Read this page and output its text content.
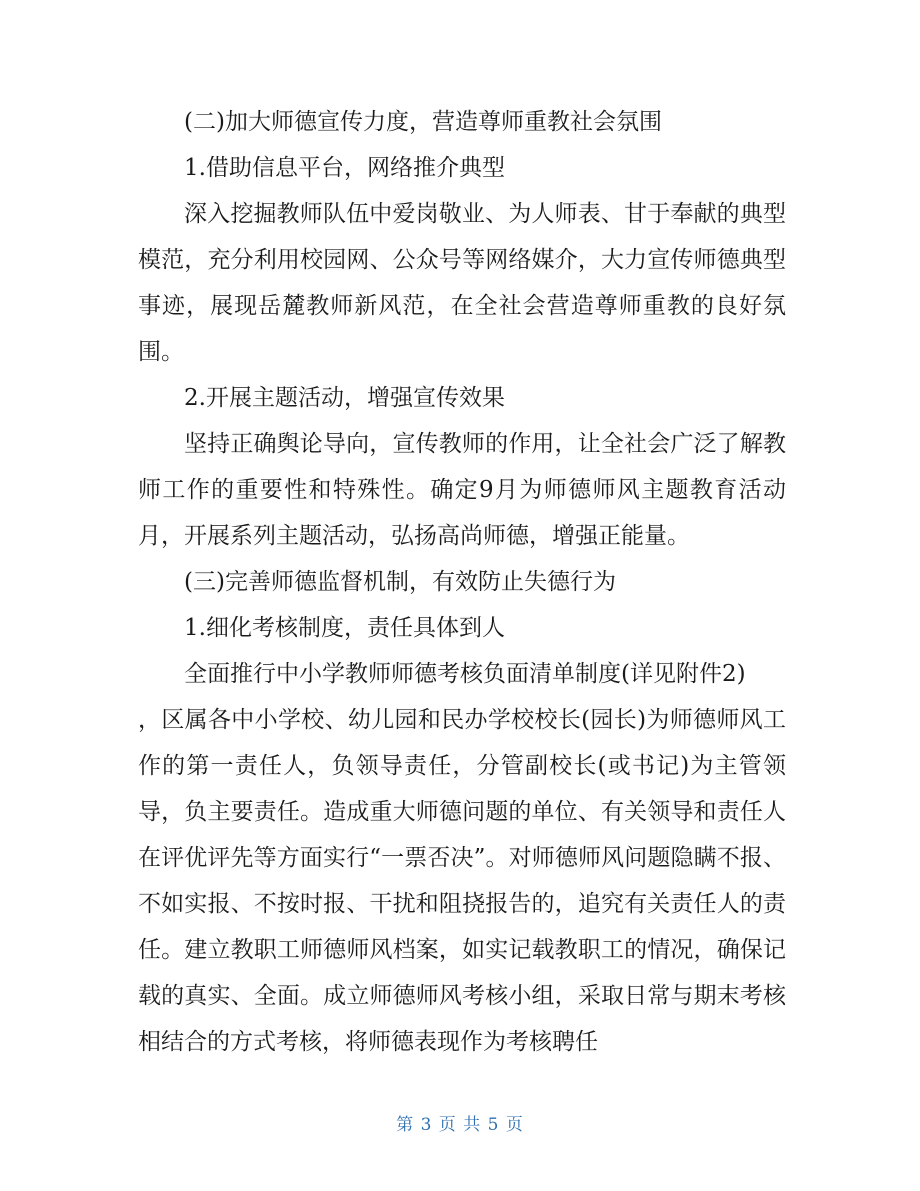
(二)加大师德宣传力度，营造尊师重教社会氛围

1.借助信息平台，网络推介典型

深入挖掘教师队伍中爱岗敬业、为人师表、甘于奉献的典型模范，充分利用校园网、公众号等网络媒介，大力宣传师德典型事迹，展现岳麓教师新风范，在全社会营造尊师重教的良好氛围。

2.开展主题活动，增强宣传效果

坚持正确舆论导向，宣传教师的作用，让全社会广泛了解教师工作的重要性和特殊性。确定9月为师德师风主题教育活动月，开展系列主题活动，弘扬高尚师德，增强正能量。

(三)完善师德监督机制，有效防止失德行为

1.细化考核制度，责任具体到人

全面推行中小学教师师德考核负面清单制度(详见附件2)

，区属各中小学校、幼儿园和民办学校校长(园长)为师德师风工作的第一责任人，负领导责任，分管副校长(或书记)为主管领导，负主要责任。造成重大师德问题的单位、有关领导和责任人在评优评先等方面实行“一票否决”。对师德师风问题隐瞒不报、不如实报、不按时报、干扰和阻挠报告的，追究有关责任人的责任。建立教职工师德师风档案，如实记载教职工的情况，确保记载的真实、全面。成立师德师风考核小组，采取日常与期末考核相结合的方式考核，将师德表现作为考核聘任

第 3 页 共 5 页
